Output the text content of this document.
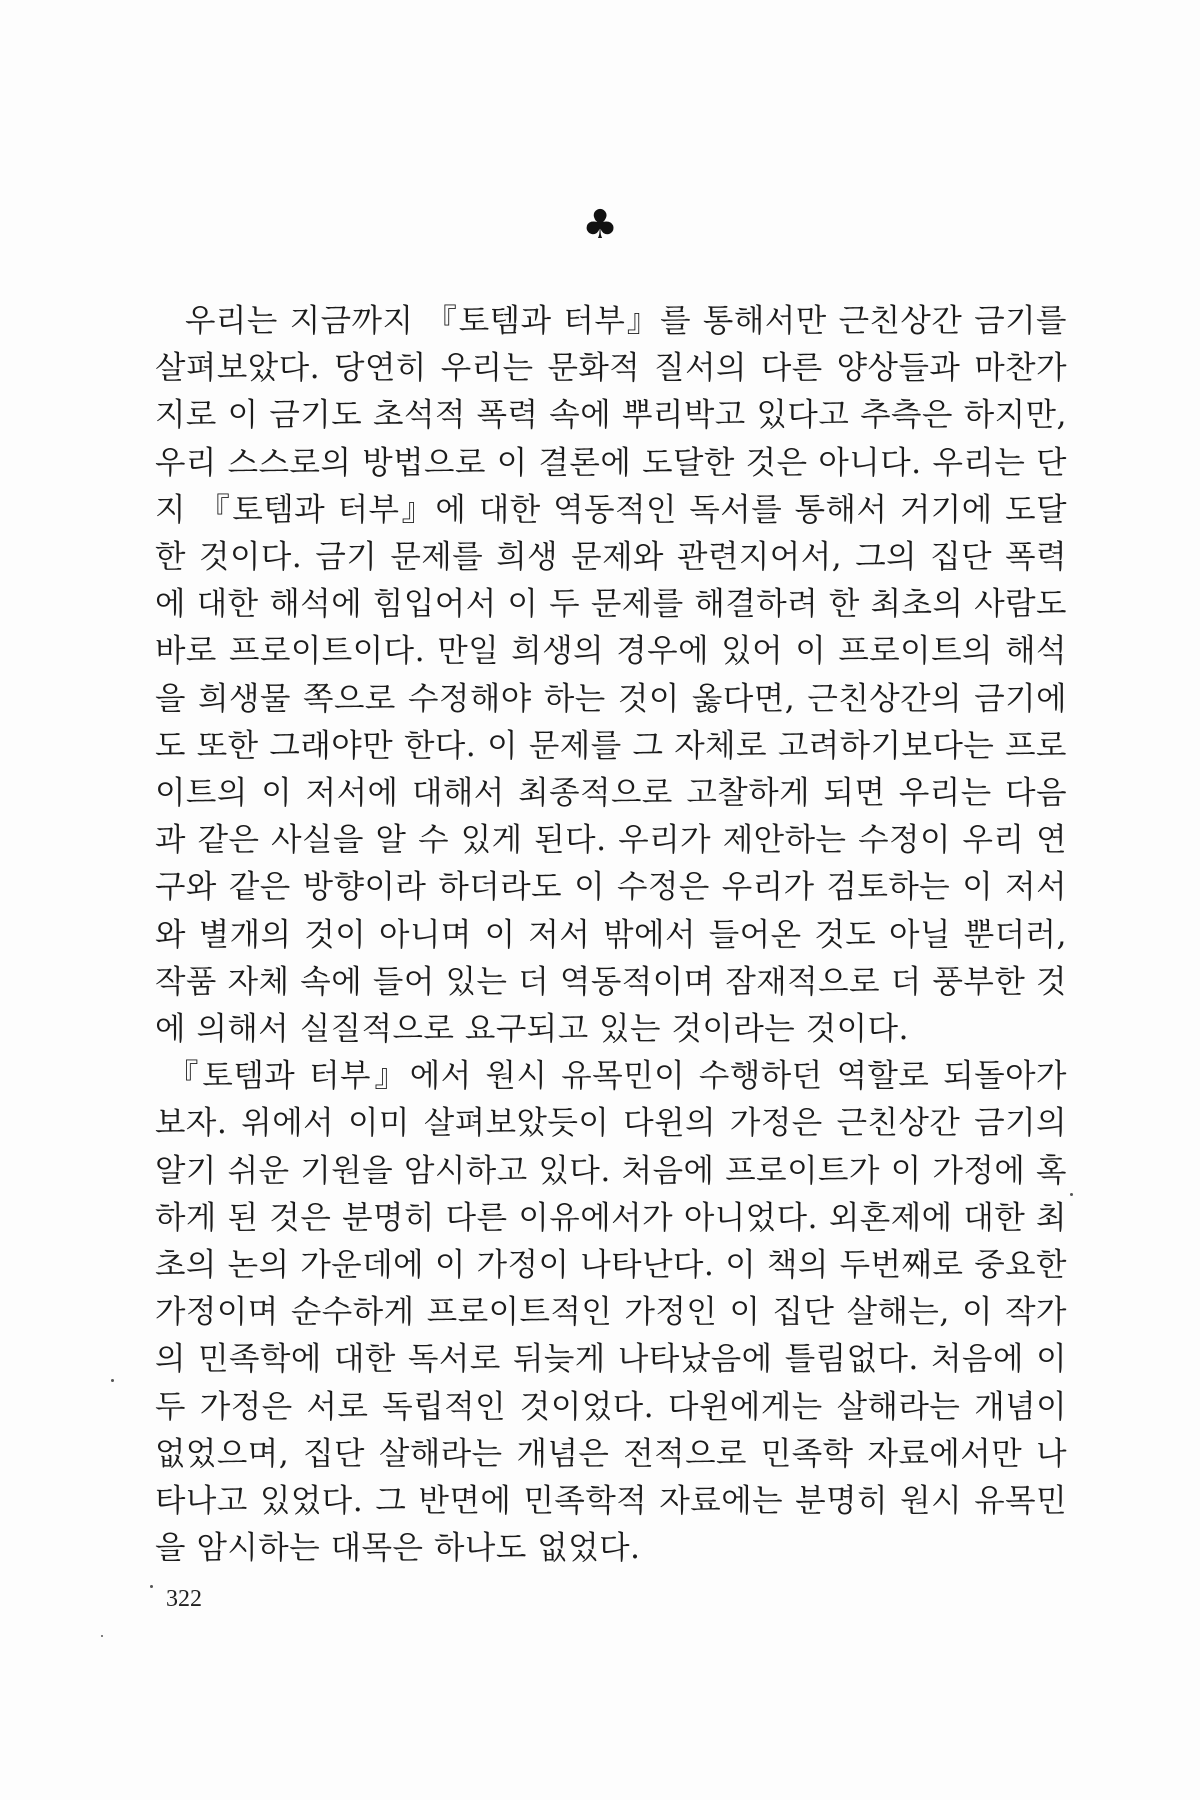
♣

우리는 지금까지 『토템과 터부』를 통해서만 근친상간 금기를 살펴보았다. 당연히 우리는 문화적 질서의 다른 양상들과 마찬가지로 이 금기도 초석적 폭력 속에 뿌리박고 있다고 추측은 하지만, 우리 스스로의 방법으로 이 결론에 도달한 것은 아니다. 우리는 단지 『토템과 터부』에 대한 역동적인 독서를 통해서 거기에 도달한 것이다. 금기 문제를 희생 문제와 관련지어서, 그의 집단 폭력에 대한 해석에 힘입어서 이 두 문제를 해결하려 한 최초의 사람도 바로 프로이트이다. 만일 희생의 경우에 있어 이 프로이트의 해석을 희생물 쪽으로 수정해야 하는 것이 옳다면, 근친상간의 금기에도 또한 그래야만 한다. 이 문제를 그 자체로 고려하기보다는 프로이트의 이 저서에 대해서 최종적으로 고찰하게 되면 우리는 다음과 같은 사실을 알 수 있게 된다. 우리가 제안하는 수정이 우리 연구와 같은 방향이라 하더라도 이 수정은 우리가 검토하는 이 저서와 별개의 것이 아니며 이 저서 밖에서 들어온 것도 아닐 뿐더러, 작품 자체 속에 들어 있는 더 역동적이며 잠재적으로 더 풍부한 것에 의해서 실질적으로 요구되고 있는 것이라는 것이다.

『토템과 터부』에서 원시 유목민이 수행하던 역할로 되돌아가 보자. 위에서 이미 살펴보았듯이 다윈의 가정은 근친상간 금기의 알기 쉬운 기원을 암시하고 있다. 처음에 프로이트가 이 가정에 혹하게 된 것은 분명히 다른 이유에서가 아니었다. 외혼제에 대한 최초의 논의 가운데에 이 가정이 나타난다. 이 책의 두번째로 중요한 가정이며 순수하게 프로이트적인 가정인 이 집단 살해는, 이 작가의 민족학에 대한 독서로 뒤늦게 나타났음에 틀림없다. 처음에 이 두 가정은 서로 독립적인 것이었다. 다윈에게는 살해라는 개념이 없었으며, 집단 살해라는 개념은 전적으로 민족학 자료에서만 나타나고 있었다. 그 반면에 민족학적 자료에는 분명히 원시 유목민을 암시하는 대목은 하나도 없었다.

322
